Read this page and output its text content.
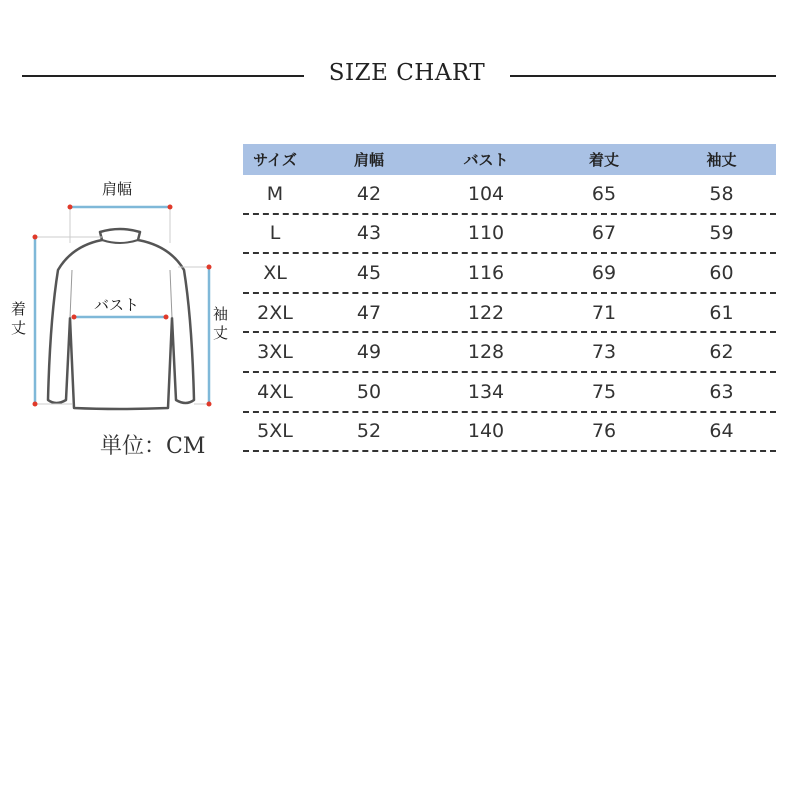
SIZE CHART
肩幅
バスト
着
丈
袖
丈
単位：CM
サイズ	肩幅	バスト	着丈	袖丈
M	42	104	65	58
L	43	110	67	59
XL	45	116	69	60
2XL	47	122	71	61
3XL	49	128	73	62
4XL	50	134	75	63
5XL	52	140	76	64
